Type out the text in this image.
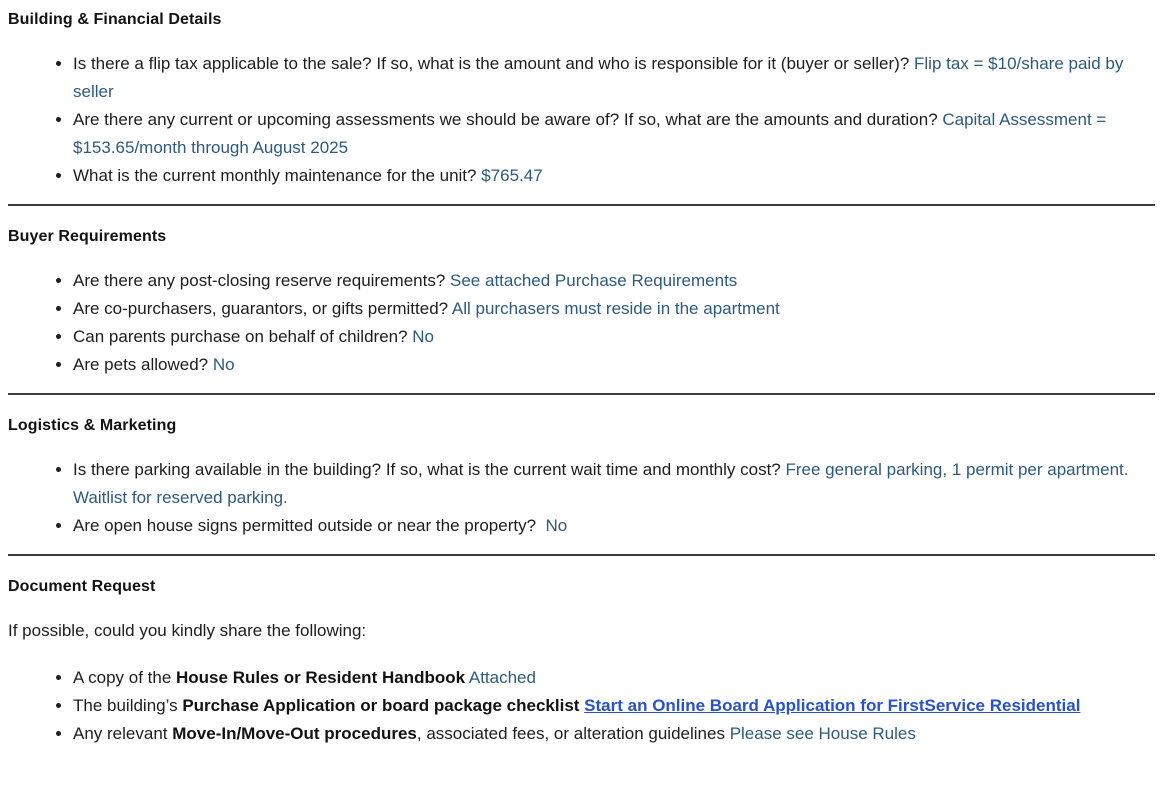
Building & Financial Details
• Is there a flip tax applicable to the sale? If so, what is the amount and who is responsible for it (buyer or seller)? Flip tax = $10/share paid by seller
• Are there any current or upcoming assessments we should be aware of? If so, what are the amounts and duration? Capital Assessment = $153.65/month through August 2025
• What is the current monthly maintenance for the unit? $765.47
Buyer Requirements
• Are there any post-closing reserve requirements? See attached Purchase Requirements
• Are co-purchasers, guarantors, or gifts permitted? All purchasers must reside in the apartment
• Can parents purchase on behalf of children? No
• Are pets allowed? No
Logistics & Marketing
• Is there parking available in the building? If so, what is the current wait time and monthly cost? Free general parking, 1 permit per apartment. Waitlist for reserved parking.
• Are open house signs permitted outside or near the property?  No
Document Request

If possible, could you kindly share the following:

• A copy of the House Rules or Resident Handbook Attached
• The building’s Purchase Application or board package checklist Start an Online Board Application for FirstService Residential
• Any relevant Move-In/Move-Out procedures, associated fees, or alteration guidelines Please see House Rules
